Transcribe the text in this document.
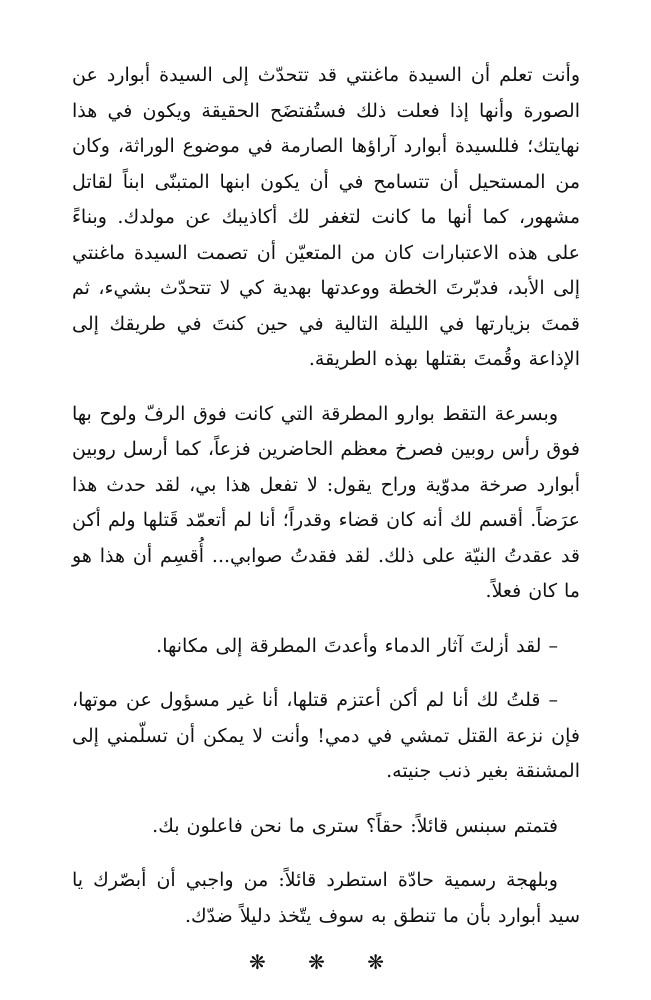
وأنت تعلم أن السيدة ماغنتي قد تتحدّث إلى السيدة أبوارد عن الصورة وأنها إذا فعلت ذلك فستُفتضَح الحقيقة ويكون في هذا نهايتك؛ فللسيدة أبوارد آراؤها الصارمة في موضوع الوراثة، وكان من المستحيل أن تتسامح في أن يكون ابنها المتبنّى ابناً لقاتل مشهور، كما أنها ما كانت لتغفر لك أكاذيبك عن مولدك. وبناءً على هذه الاعتبارات كان من المتعيّن أن تصمت السيدة ماغنتي إلى الأبد، فدبّرتَ الخطة ووعدتها بهدية كي لا تتحدّث بشيء، ثم قمتَ بزيارتها في الليلة التالية في حين كنتَ في طريقك إلى الإذاعة وقُمتَ بقتلها بهذه الطريقة.

وبسرعة التقط بوارو المطرقة التي كانت فوق الرفّ ولوح بها فوق رأس روبين فصرخ معظم الحاضرين فزعاً، كما أرسل روبين أبوارد صرخة مدوّية وراح يقول: لا تفعل هذا بي، لقد حدث هذا عرَضاً. أقسم لك أنه كان قضاء وقدراً؛ أنا لم أتعمّد قَتلها ولم أكن قد عقدتُ النيّة على ذلك. لقد فقدتُ صوابي... أُقسِم أن هذا هو ما كان فعلاً.

– لقد أزلتَ آثار الدماء وأعدتَ المطرقة إلى مكانها.

– قلتُ لك أنا لم أكن أعتزم قتلها، أنا غير مسؤول عن موتها، فإن نزعة القتل تمشي في دمي! وأنت لا يمكن أن تسلّمني إلى المشنقة بغير ذنب جنيته.

فتمتم سبنس قائلاً: حقاً؟ سترى ما نحن فاعلون بك.

وبلهجة رسمية حادّة استطرد قائلاً: من واجبي أن أبصّرك يا سيد أبوارد بأن ما تنطق به سوف يتّخذ دليلاً ضدّك.

❋ ❋ ❋
